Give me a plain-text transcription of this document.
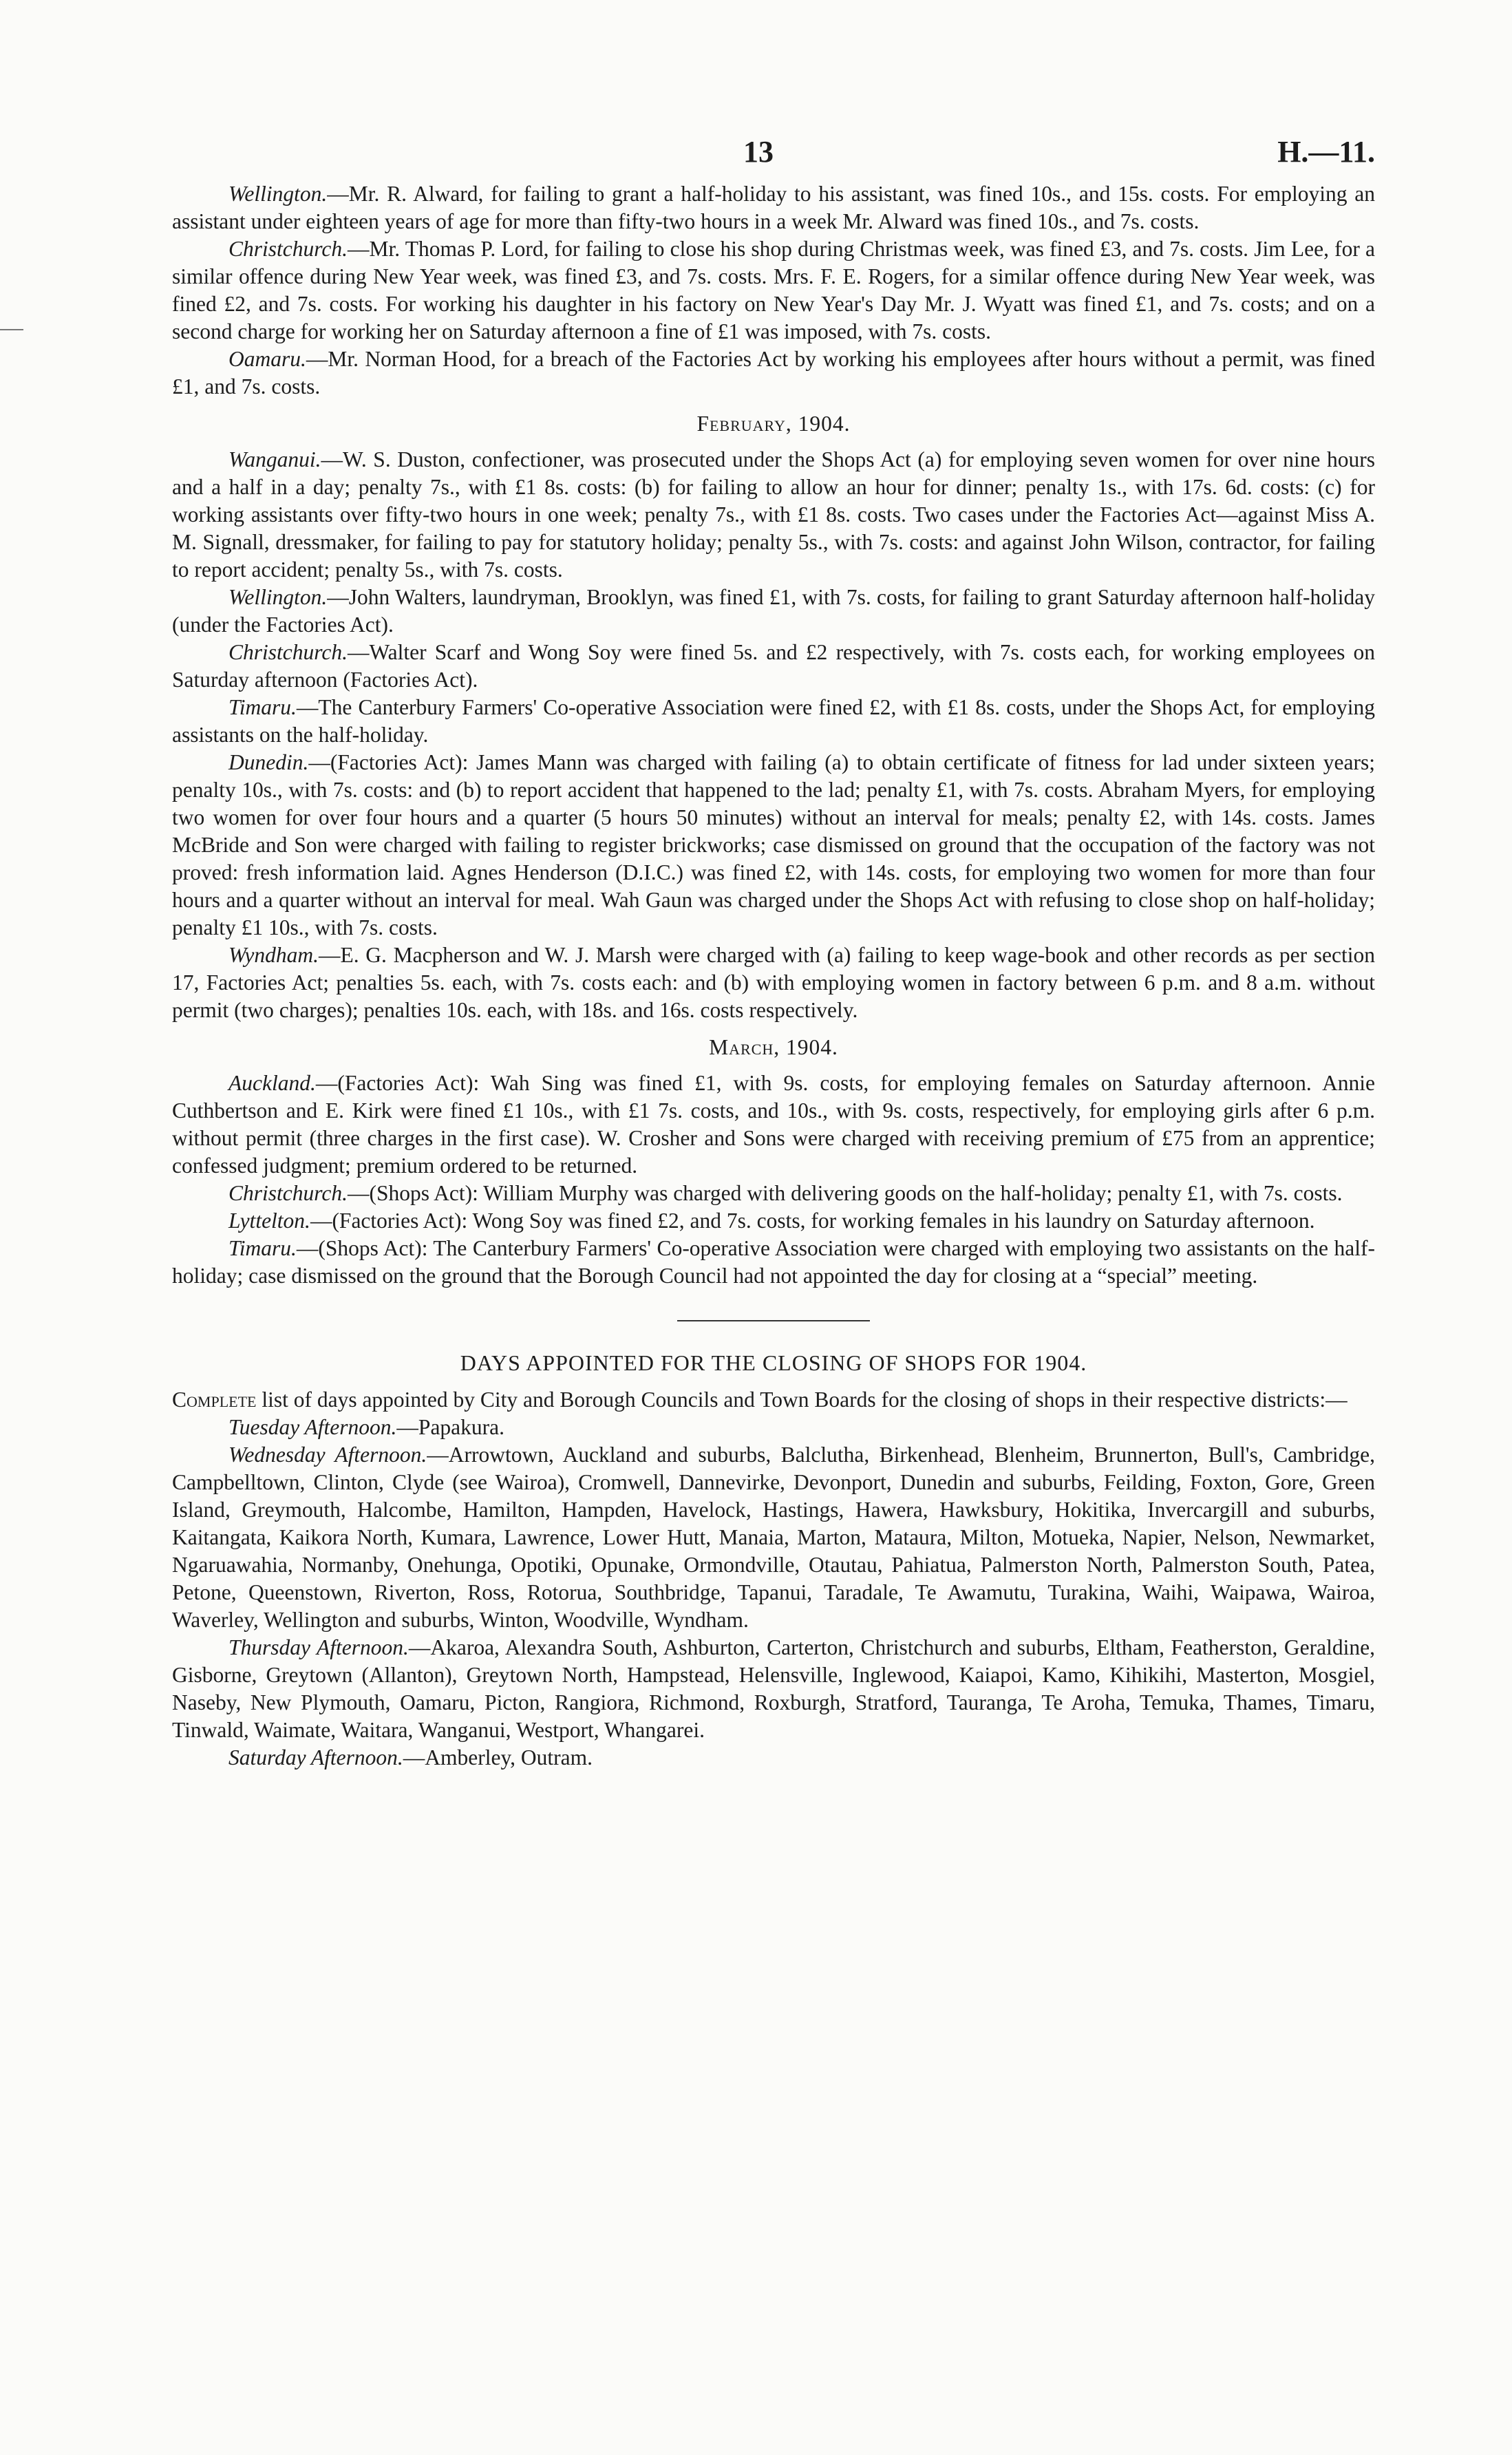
13	H.—11.

Wellington.—Mr. R. Alward, for failing to grant a half-holiday to his assistant, was fined 10s., and 15s. costs. For employing an assistant under eighteen years of age for more than fifty-two hours in a week Mr. Alward was fined 10s., and 7s. costs.

Christchurch.—Mr. Thomas P. Lord, for failing to close his shop during Christmas week, was fined £3, and 7s. costs. Jim Lee, for a similar offence during New Year week, was fined £3, and 7s. costs. Mrs. F. E. Rogers, for a similar offence during New Year week, was fined £2, and 7s. costs. For working his daughter in his factory on New Year's Day Mr. J. Wyatt was fined £1, and 7s. costs; and on a second charge for working her on Saturday afternoon a fine of £1 was imposed, with 7s. costs.

Oamaru.—Mr. Norman Hood, for a breach of the Factories Act by working his employees after hours without a permit, was fined £1, and 7s. costs.

February, 1904.

Wanganui.—W. S. Duston, confectioner, was prosecuted under the Shops Act (a) for employing seven women for over nine hours and a half in a day; penalty 7s., with £1 8s. costs: (b) for failing to allow an hour for dinner; penalty 1s., with 17s. 6d. costs: (c) for working assistants over fifty-two hours in one week; penalty 7s., with £1 8s. costs. Two cases under the Factories Act—against Miss A. M. Signall, dressmaker, for failing to pay for statutory holiday; penalty 5s., with 7s. costs: and against John Wilson, contractor, for failing to report accident; penalty 5s., with 7s. costs.

Wellington.—John Walters, laundryman, Brooklyn, was fined £1, with 7s. costs, for failing to grant Saturday afternoon half-holiday (under the Factories Act).

Christchurch.—Walter Scarf and Wong Soy were fined 5s. and £2 respectively, with 7s. costs each, for working employees on Saturday afternoon (Factories Act).

Timaru.—The Canterbury Farmers' Co-operative Association were fined £2, with £1 8s. costs, under the Shops Act, for employing assistants on the half-holiday.

Dunedin.—(Factories Act): James Mann was charged with failing (a) to obtain certificate of fitness for lad under sixteen years; penalty 10s., with 7s. costs: and (b) to report accident that happened to the lad; penalty £1, with 7s. costs. Abraham Myers, for employing two women for over four hours and a quarter (5 hours 50 minutes) without an interval for meals; penalty £2, with 14s. costs. James McBride and Son were charged with failing to register brickworks; case dismissed on ground that the occupation of the factory was not proved: fresh information laid. Agnes Henderson (D.I.C.) was fined £2, with 14s. costs, for employing two women for more than four hours and a quarter without an interval for meal. Wah Gaun was charged under the Shops Act with refusing to close shop on half-holiday; penalty £1 10s., with 7s. costs.

Wyndham.—E. G. Macpherson and W. J. Marsh were charged with (a) failing to keep wage-book and other records as per section 17, Factories Act; penalties 5s. each, with 7s. costs each: and (b) with employing women in factory between 6 p.m. and 8 a.m. without permit (two charges); penalties 10s. each, with 18s. and 16s. costs respectively.

March, 1904.

Auckland.—(Factories Act): Wah Sing was fined £1, with 9s. costs, for employing females on Saturday afternoon. Annie Cuthbertson and E. Kirk were fined £1 10s., with £1 7s. costs, and 10s., with 9s. costs, respectively, for employing girls after 6 p.m. without permit (three charges in the first case). W. Crosher and Sons were charged with receiving premium of £75 from an apprentice; confessed judgment; premium ordered to be returned.

Christchurch.—(Shops Act): William Murphy was charged with delivering goods on the half-holiday; penalty £1, with 7s. costs.

Lyttelton.—(Factories Act): Wong Soy was fined £2, and 7s. costs, for working females in his laundry on Saturday afternoon.

Timaru.—(Shops Act): The Canterbury Farmers' Co-operative Association were charged with employing two assistants on the half-holiday; case dismissed on the ground that the Borough Council had not appointed the day for closing at a “special” meeting.

DAYS APPOINTED FOR THE CLOSING OF SHOPS FOR 1904.

Complete list of days appointed by City and Borough Councils and Town Boards for the closing of shops in their respective districts:—

Tuesday Afternoon.—Papakura.

Wednesday Afternoon.—Arrowtown, Auckland and suburbs, Balclutha, Birkenhead, Blenheim, Brunnerton, Bull's, Cambridge, Campbelltown, Clinton, Clyde (see Wairoa), Cromwell, Dannevirke, Devonport, Dunedin and suburbs, Feilding, Foxton, Gore, Green Island, Greymouth, Halcombe, Hamilton, Hampden, Havelock, Hastings, Hawera, Hawksbury, Hokitika, Invercargill and suburbs, Kaitangata, Kaikora North, Kumara, Lawrence, Lower Hutt, Manaia, Marton, Mataura, Milton, Motueka, Napier, Nelson, Newmarket, Ngaruawahia, Normanby, Onehunga, Opotiki, Opunake, Ormondville, Otautau, Pahiatua, Palmerston North, Palmerston South, Patea, Petone, Queenstown, Riverton, Ross, Rotorua, Southbridge, Tapanui, Taradale, Te Awamutu, Turakina, Waihi, Waipawa, Wairoa, Waverley, Wellington and suburbs, Winton, Woodville, Wyndham.

Thursday Afternoon.—Akaroa, Alexandra South, Ashburton, Carterton, Christchurch and suburbs, Eltham, Featherston, Geraldine, Gisborne, Greytown (Allanton), Greytown North, Hampstead, Helensville, Inglewood, Kaiapoi, Kamo, Kihikihi, Masterton, Mosgiel, Naseby, New Plymouth, Oamaru, Picton, Rangiora, Richmond, Roxburgh, Stratford, Tauranga, Te Aroha, Temuka, Thames, Timaru, Tinwald, Waimate, Waitara, Wanganui, Westport, Whangarei.

Saturday Afternoon.—Amberley, Outram.
